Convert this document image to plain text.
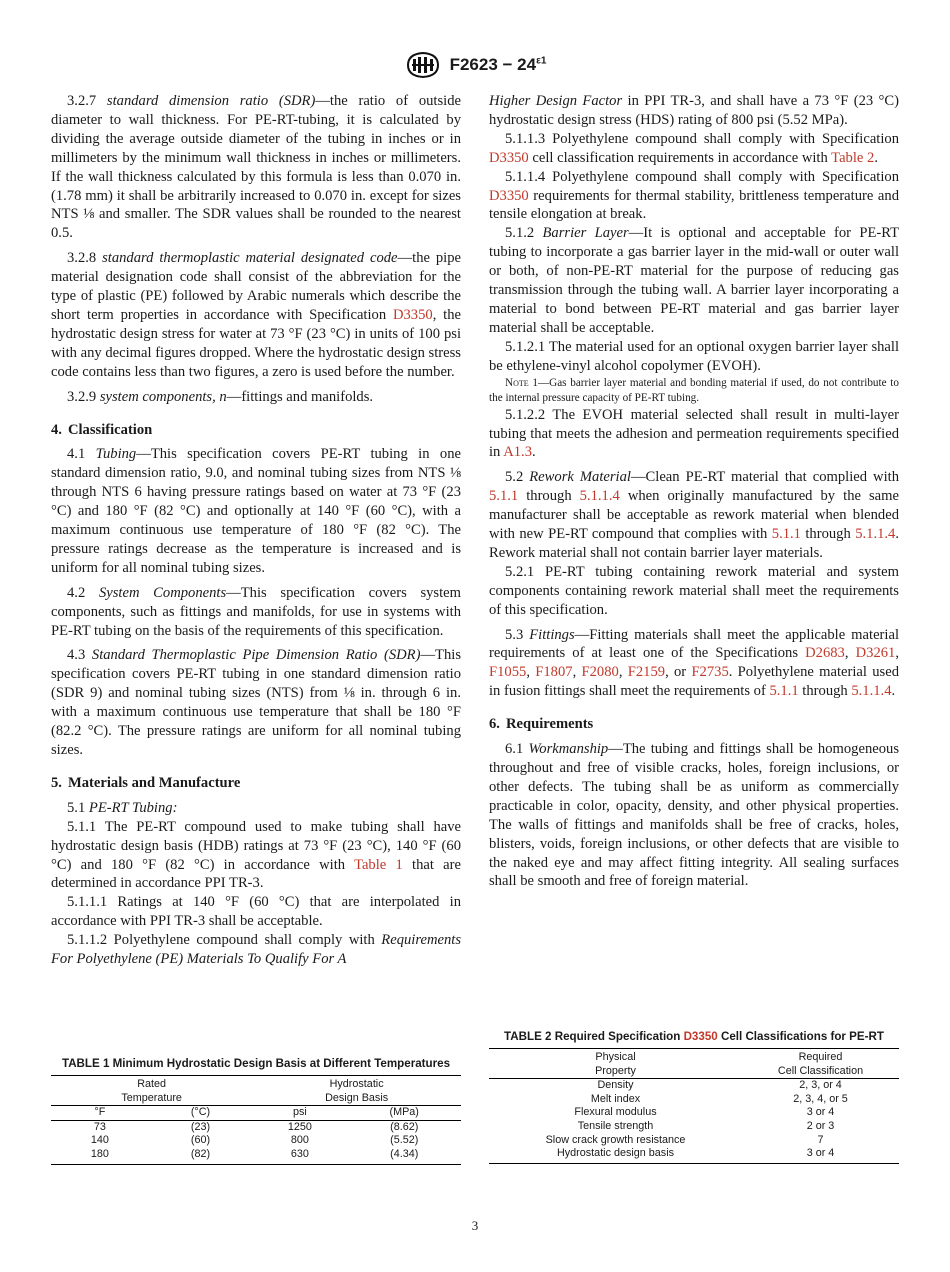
$F2623 - 24^{\varepsilon 1}$

3.2.7 standard dimension ratio (SDR)—the ratio of outside diameter to wall thickness. For PE-RT-tubing, it is calculated by dividing the average outside diameter of the tubing in inches or in millimeters by the minimum wall thickness in inches or millimeters. If the wall thickness calculated by this formula is less than 0.070 in. (1.78 mm) it shall be arbitrarily increased to 0.070 in. except for sizes NTS ⅛ and smaller. The SDR values shall be rounded to the nearest 0.5.

3.2.8 standard thermoplastic material designated code—the pipe material designation code shall consist of the abbreviation for the type of plastic (PE) followed by Arabic numerals which describe the short term properties in accordance with Specification D3350, the hydrostatic design stress for water at 73 °F (23 °C) in units of 100 psi with any decimal figures dropped. Where the hydrostatic design stress code contains less than two figures, a zero is used before the number.

3.2.9 system components, n—fittings and manifolds.

4. Classification

4.1 Tubing—This specification covers PE-RT tubing in one standard dimension ratio, 9.0, and nominal tubing sizes from NTS ⅛ through NTS 6 having pressure ratings based on water at 73 °F (23 °C) and 180 °F (82 °C) and optionally at 140 °F (60 °C), with a maximum continuous use temperature of 180 °F (82 °C). The pressure ratings decrease as the temperature is increased and is uniform for all nominal tubing sizes.

4.2 System Components—This specification covers system components, such as fittings and manifolds, for use in systems with PE-RT tubing on the basis of the requirements of this specification.

4.3 Standard Thermoplastic Pipe Dimension Ratio (SDR)—This specification covers PE-RT tubing in one standard dimension ratio (SDR 9) and nominal tubing sizes (NTS) from ⅛ in. through 6 in. with a maximum continuous use temperature that shall be 180 °F (82.2 °C). The pressure ratings are uniform for all nominal tubing sizes.

5. Materials and Manufacture

5.1 PE-RT Tubing:

5.1.1 The PE-RT compound used to make tubing shall have hydrostatic design basis (HDB) ratings at 73 °F (23 °C), 140 °F (60 °C) and 180 °F (82 °C) in accordance with Table 1 that are determined in accordance PPI TR-3.

5.1.1.1 Ratings at 140 °F (60 °C) that are interpolated in accordance with PPI TR-3 shall be acceptable.

5.1.1.2 Polyethylene compound shall comply with Requirements For Polyethylene (PE) Materials To Qualify For A

Higher Design Factor in PPI TR-3, and shall have a 73 °F (23 °C) hydrostatic design stress (HDS) rating of 800 psi (5.52 MPa).

5.1.1.3 Polyethylene compound shall comply with Specification D3350 cell classification requirements in accordance with Table 2.

5.1.1.4 Polyethylene compound shall comply with Specification D3350 requirements for thermal stability, brittleness temperature and tensile elongation at break.

5.1.2 Barrier Layer—It is optional and acceptable for PE-RT tubing to incorporate a gas barrier layer in the mid-wall or outer wall or both, of non-PE-RT material for the purpose of reducing gas transmission through the tubing wall. A barrier layer incorporating a material to bond between PE-RT material and gas barrier layer material shall be acceptable.

5.1.2.1 The material used for an optional oxygen barrier layer shall be ethylene-vinyl alcohol copolymer (EVOH).

Note 1—Gas barrier layer material and bonding material if used, do not contribute to the internal pressure capacity of PE-RT tubing.

5.1.2.2 The EVOH material selected shall result in multi-layer tubing that meets the adhesion and permeation requirements specified in A1.3.

5.2 Rework Material—Clean PE-RT material that complied with 5.1.1 through 5.1.1.4 when originally manufactured by the same manufacturer shall be acceptable as rework material when blended with new PE-RT compound that complies with 5.1.1 through 5.1.1.4. Rework material shall not contain barrier layer materials.

5.2.1 PE-RT tubing containing rework material and system components containing rework material shall meet the requirements of this specification.

5.3 Fittings—Fitting materials shall meet the applicable material requirements of at least one of the Specifications D2683, D3261, F1055, F1807, F2080, F2159, or F2735. Polyethylene material used in fusion fittings shall meet the requirements of 5.1.1 through 5.1.1.4.

6. Requirements

6.1 Workmanship—The tubing and fittings shall be homogeneous throughout and free of visible cracks, holes, foreign inclusions, or other defects. The tubing shall be as uniform as commercially practicable in color, opacity, density, and other physical properties. The walls of fittings and manifolds shall be free of cracks, holes, blisters, voids, foreign inclusions, or other defects that are visible to the naked eye and may affect fitting integrity. All sealing surfaces shall be smooth and free of foreign material.

TABLE 1 Minimum Hydrostatic Design Basis at Different Temperatures
Rated
Temperature		Hydrostatic
Design Basis	
°F	(°C)	psi	(MPa)
73	(23)	1250	(8.62)
140	(60)	800	(5.52)
180	(82)	630	(4.34)
TABLE 2 Required Specification D3350 Cell Classifications for PE-RT
Physical
Property	Required
Cell Classification
Density	2, 3, or 4
Melt index	2, 3, 4, or 5
Flexural modulus	3 or 4
Tensile strength	2 or 3
Slow crack growth resistance	7
Hydrostatic design basis	3 or 4
3
